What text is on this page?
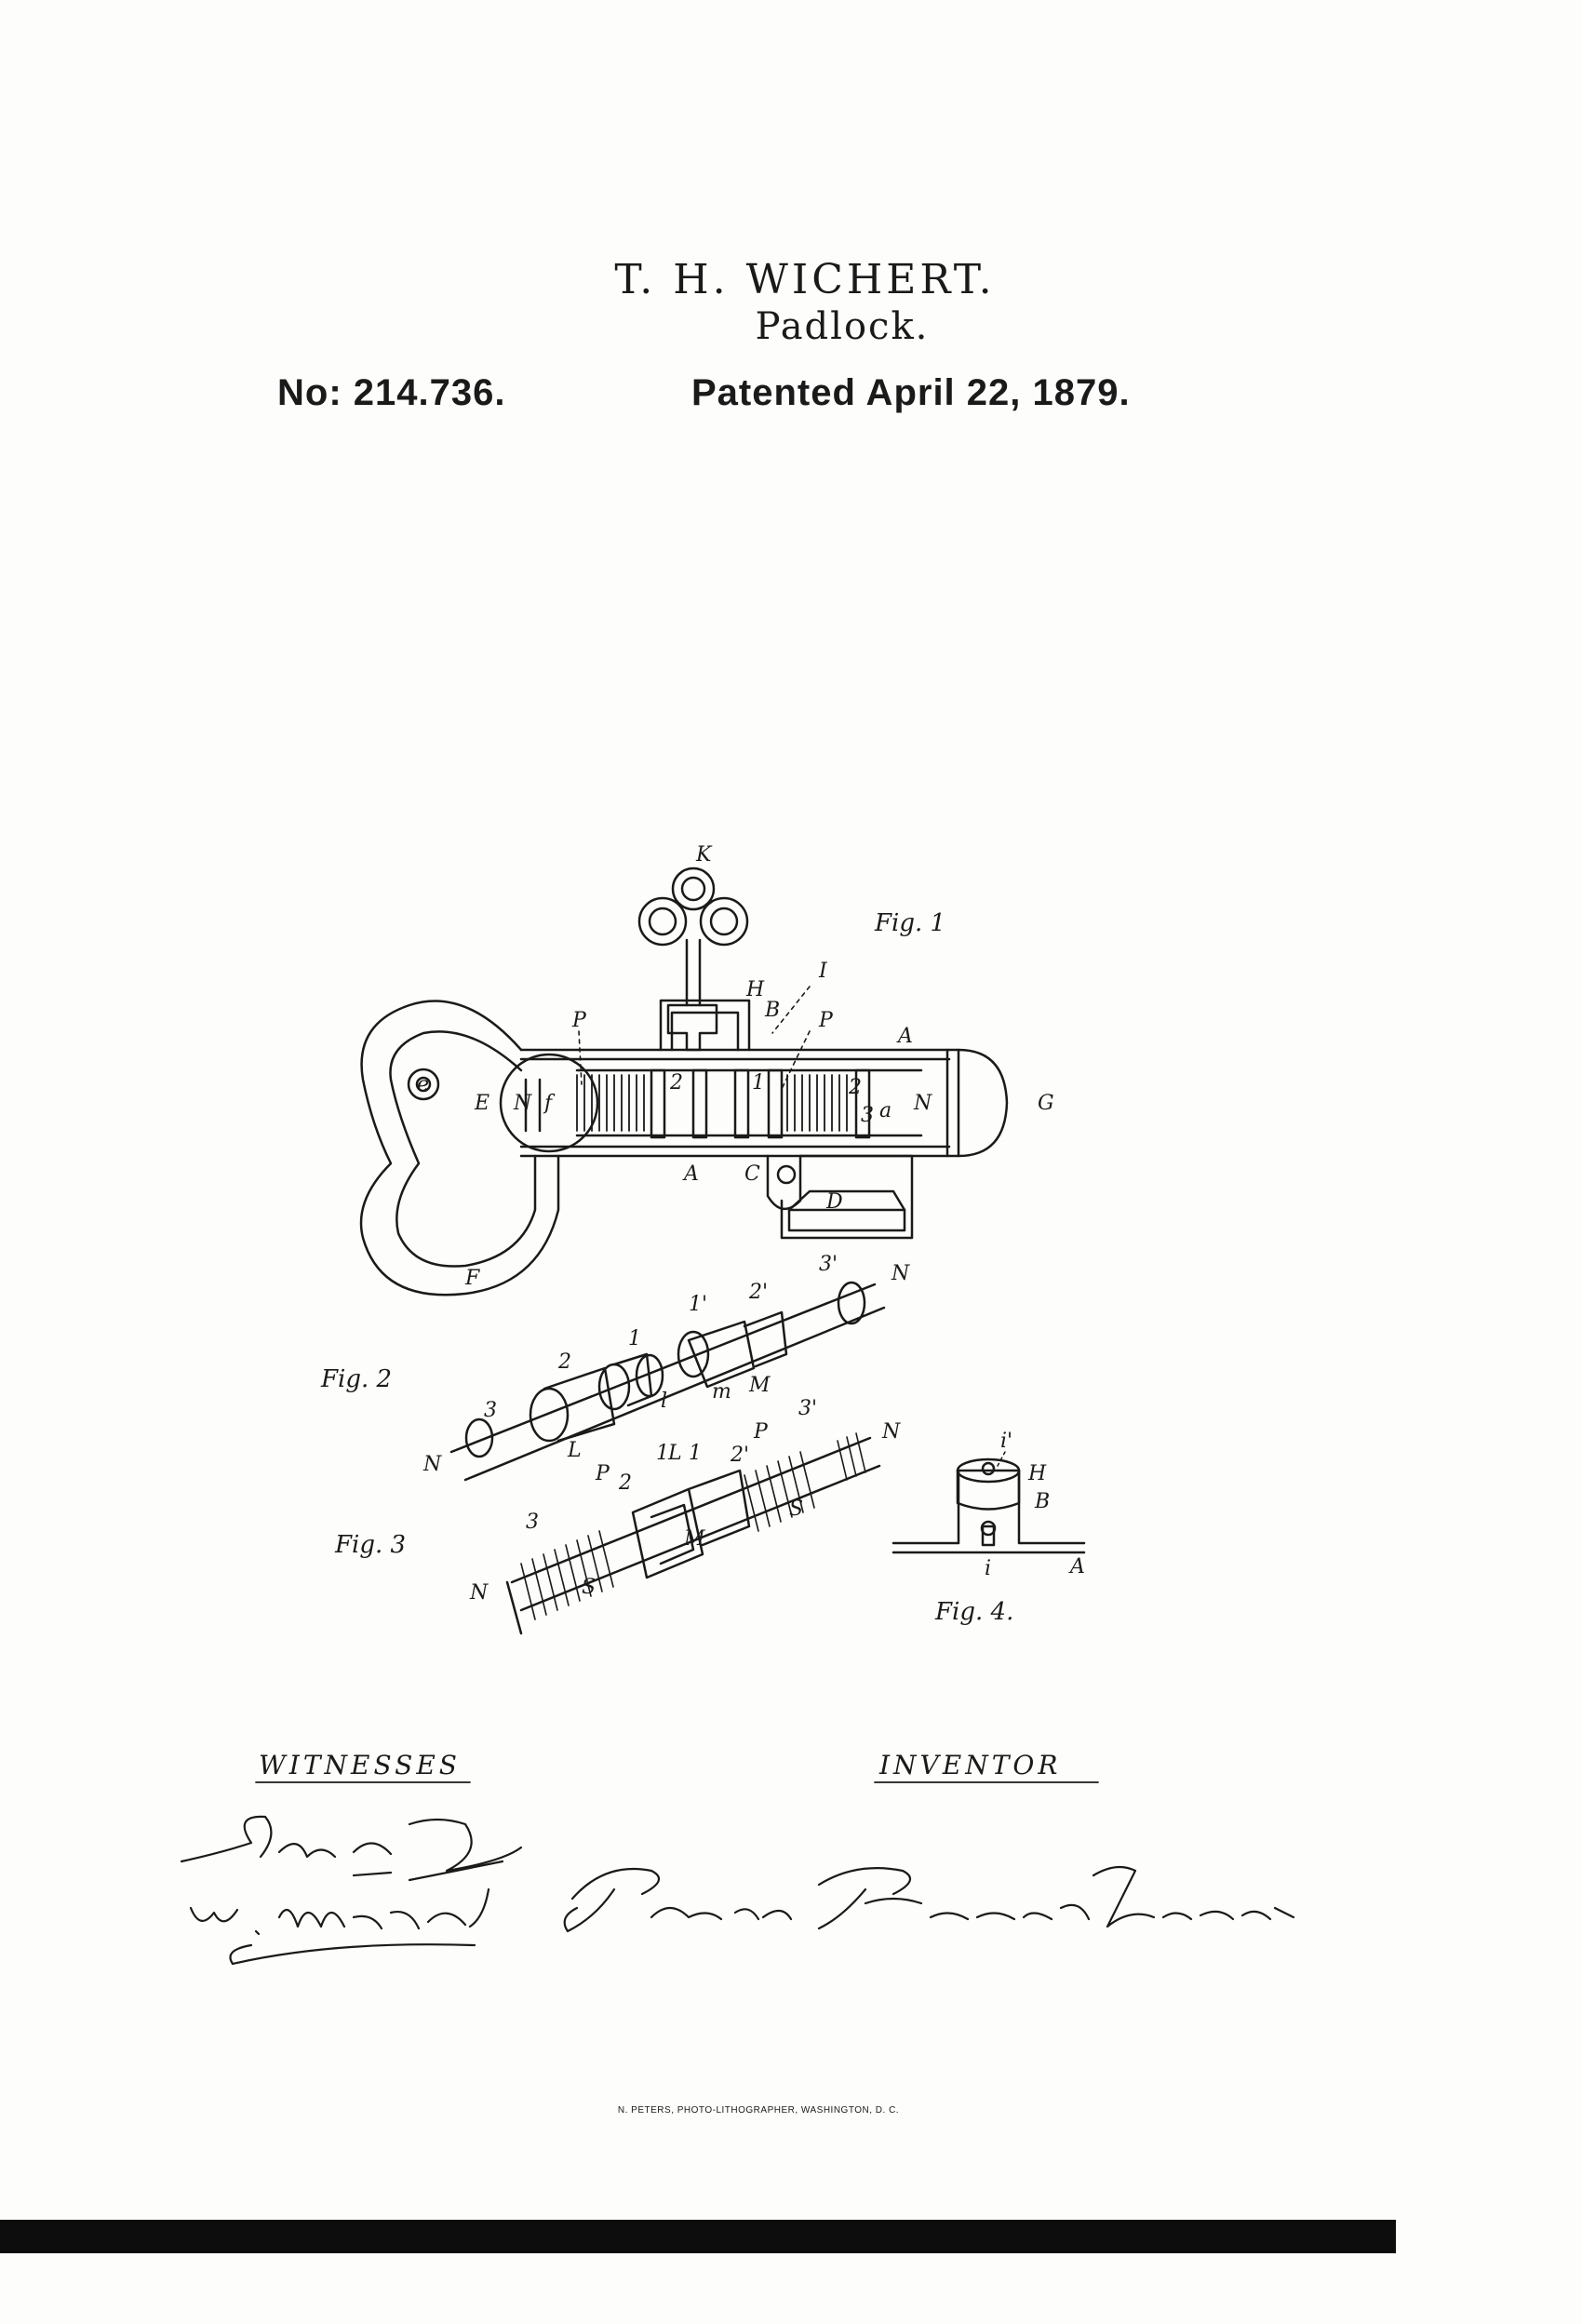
T. H. WICHERT.
Padlock.
No: 214.736.	Patented April 22, 1879.
Fig. 1
K
I
H
B
P	P
A
E N f
2	1	2
3 a N	G
e
A C
D
F
Fig. 2
N
3
2
1
L
l
1'
2'
3'
m M
N
Fig. 3
N
3
P 2
1 L 1
P
2'
3'
S
M
S
N
Fig. 4.
i'
H
B
A
i
WITNESSES	INVENTOR
N. PETERS, PHOTO-LITHOGRAPHER, WASHINGTON, D. C.
